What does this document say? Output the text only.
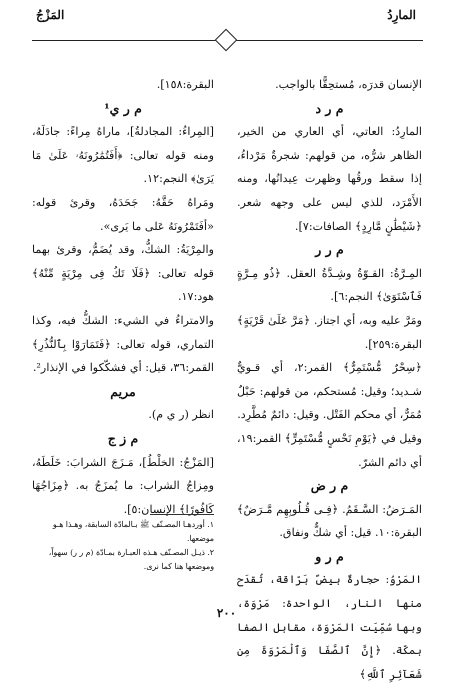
المارِدُ
المَزْجُ

الإنسان قدرَه، مُستحِقًّا بالواجب.

م ر د

المارِدُ: العاتي، أي العاري من الخير، الظاهر شرُّه، من قولهم: شجرةٌ مَرْداءُ، إذا سقط ورقُها وظهرت عِيدانُها، ومنه الأَمْرَد، للذي ليس على وجهه شعر. ﴿شَيْطَٰنٍ مَّارِدٍ﴾ الصافات:٧].

م ر ر

المِـرَّةُ: القـوّةُ وشِـدَّةُ العقل. ﴿ذُو مِـرَّةٍ فَٱسْتَوَىٰ﴾ النجم:٦].

ومَرَّ عليه وبه، أي اجتاز. ﴿مَرَّ عَلَىٰ قَرْيَةٍ﴾ البقرة:٢٥٩].

﴿سِحْرٌ مُّسْتَمِرٌّ﴾ القمر:٢، أي قـويٌّ شـديد؛ وقيل: مُستحكم، من قولهم: حَبْلٌ مُمَرٌّ، أي محكم الفَتْل. وقيل: دائمٌ مُطَّرِد.

وقيل في ﴿يَوْمِ نَحْسٍ مُّسْتَمِرٍّ﴾ القمر:١٩، أي دائم الشرّ.

م ر ض

المَـرَضُ: السَّـقَمُ. ﴿فِـى قُـلُوبِهِم مَّـرَضٌ﴾ البقرة:١٠. قيل: أي شكٌّ ونفاق.

م ر و

المَرْوُ: حجارةٌ بيضٌ بَرّاقة، تُقدَح منها النار، الواحدة: مَرْوَة، وبها سُمِّيَت المَرْوَة، مقابل الصفا بمكّة. ﴿إِنَّ ٱلصَّفَا وَٱلْمَرْوَةَ مِن شَعَآئِرِ ٱللَّهِ﴾

البقرة:١٥٨].

م ر ي¹

[المِراءُ: المجادلةُ]، ماراهُ مِراءً: جادَلَهُ، ومنه قوله تعالى: ﴿أَفَتُمَٰرُونَهُۥ عَلَىٰ مَا يَرَىٰ﴾ النجم:١٢.

ومَراهُ حَقَّهُ: جَحَدَهُ، وقرئ قوله: «أفَتَمْرُونَهُ عَلى ما يَرى».

والمِرْيَةُ: الشكُّ، وقد يُضَمُّ، وقرئ بهما قوله تعالى: ﴿فَلَا تَكُ فِى مِرْيَةٍ مِّنْهُ﴾ هود:١٧.

والامتراءُ في الشيء: الشكُّ فيه، وكذا التماري، قوله تعالى: ﴿فَتَمَارَوْا بِٱلنُّذُرِ﴾ القمر:٣٦، قيل: أي فشكّكوا في الإنذار².

مريم

انظر (ر ي م).

م ز ج

[المَزْجُ: الخلْطُ]، مَـزَجَ الشرابَ: خَلَطَهُ، ومِزاجُ الشراب: ما يُمزَجُ به. ﴿مِزَاجُهَا كَافُورًا﴾ الإنسان:٥].

١. أوردهـا المصـنّف ﷺ بـالمادّة السابقة، وهـذا هـو موضعها.

٢. ذيـل المصـنّف هـذه العبـارة بمـادّة (م ر ر) سهواً، وموضعها هنا كما نرى.

٢٠٠
